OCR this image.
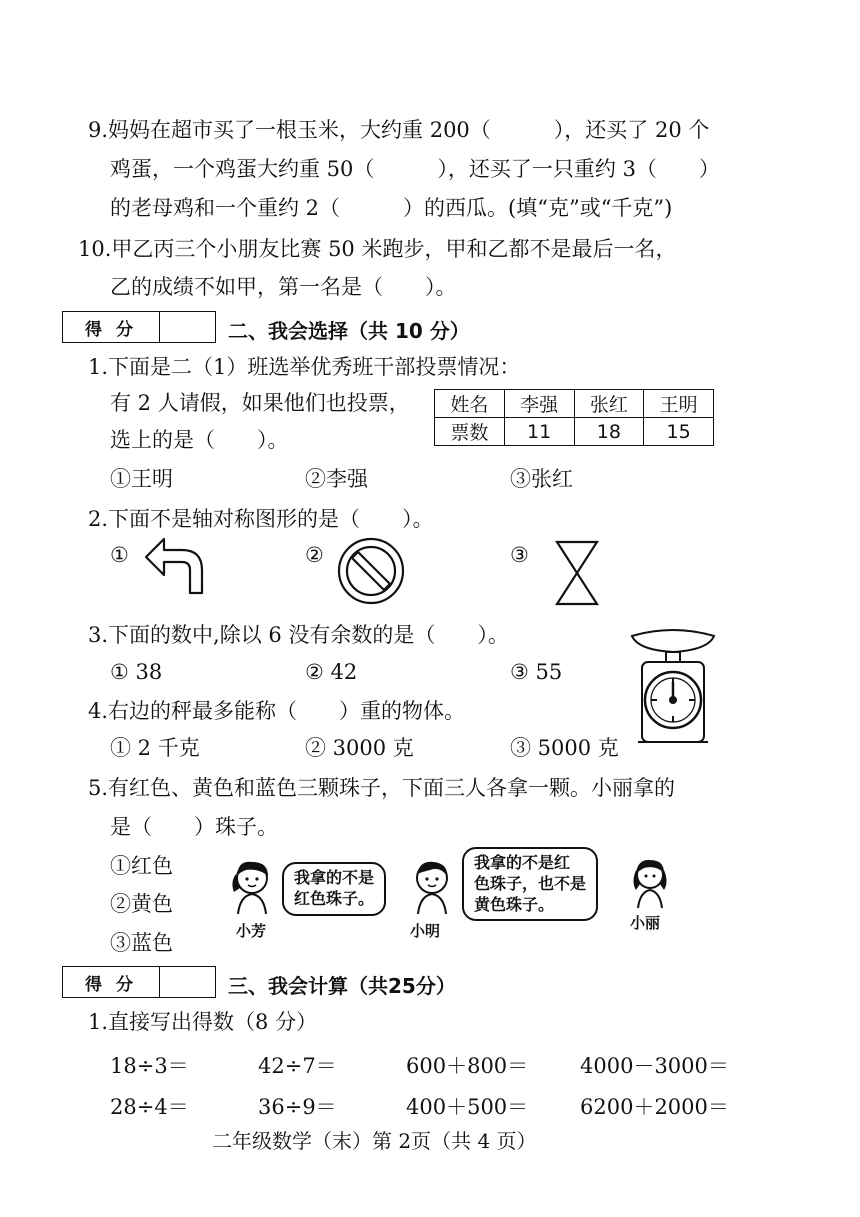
9.妈妈在超市买了一根玉米，大约重 200（　　　），还买了 20 个
鸡蛋，一个鸡蛋大约重 50（　　　），还买了一只重约 3（　　）
的老母鸡和一个重约 2（　　　）的西瓜。(填“克”或“千克”)
10.甲乙丙三个小朋友比赛 50 米跑步，甲和乙都不是最后一名，
乙的成绩不如甲，第一名是（　　）。
得分	二、我会选择（共 10 分）
1.下面是二（1）班选举优秀班干部投票情况：
有 2 人请假，如果他们也投票，
选上的是（　　）。
姓名	李强	张红	王明
票数	11	18	15
①王明	②李强	③张红
2.下面不是轴对称图形的是（　　）。
①	②	③
3.下面的数中,除以 6 没有余数的是（　　）。
① 38	② 42	③ 55
4.右边的秤最多能称（　　）重的物体。
① 2 千克	② 3000 克	③ 5000 克
5.有红色、黄色和蓝色三颗珠子，下面三人各拿一颗。小丽拿的
是（　　）珠子。
①红色
②黄色
③蓝色
我拿的不是
红色珠子。
小芳
我拿的不是红
色珠子，也不是
黄色珠子。
小明	小丽
得分	三、我会计算（共25分）
1.直接写出得数（8 分）
18÷3＝	42÷7＝	600＋800＝ 4000－3000＝
28÷4＝	36÷9＝	400＋500＝ 6200＋2000＝
二年级数学（末）第 2页（共 4 页）
